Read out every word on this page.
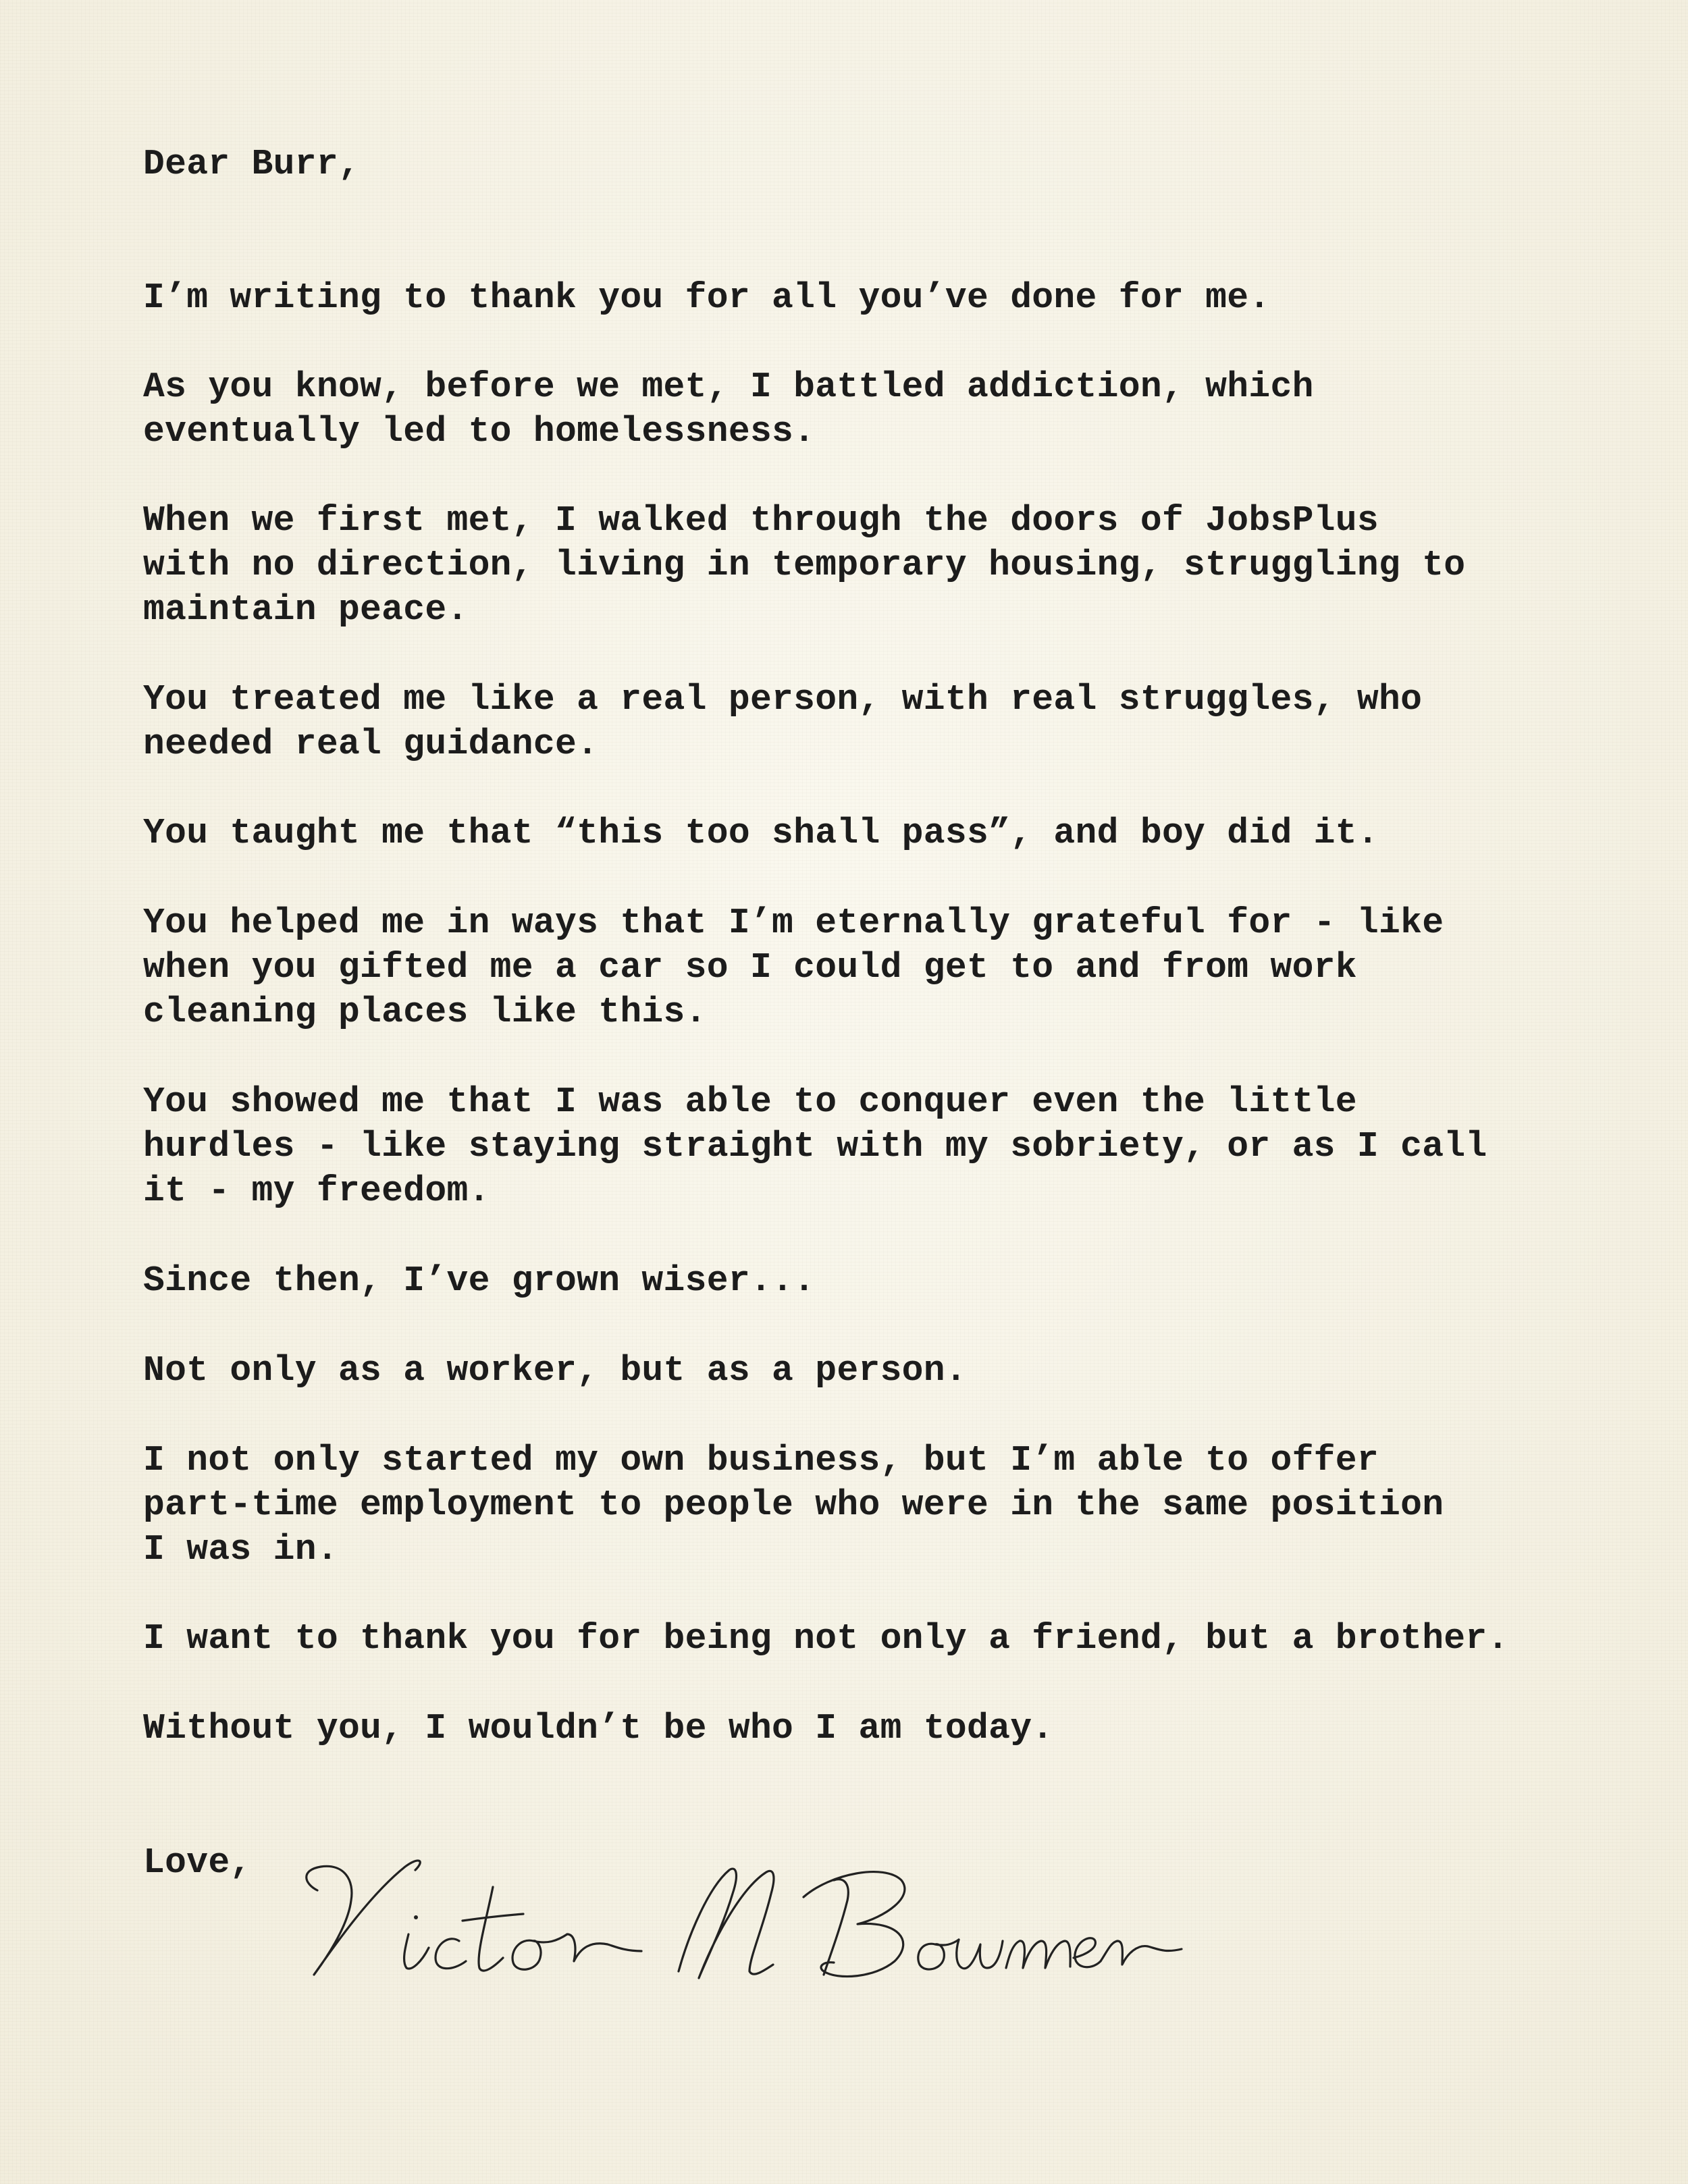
Dear Burr,
I’m writing to thank you for all you’ve done for me.
As you know, before we met, I battled addiction, which
eventually led to homelessness.
When we first met, I walked through the doors of JobsPlus
with no direction, living in temporary housing, struggling to
maintain peace.
You treated me like a real person, with real struggles, who
needed real guidance.
You taught me that “this too shall pass”, and boy did it.
You helped me in ways that I’m eternally grateful for - like
when you gifted me a car so I could get to and from work
cleaning places like this.
You showed me that I was able to conquer even the little
hurdles - like staying straight with my sobriety, or as I call
it - my freedom.
Since then, I’ve grown wiser...
Not only as a worker, but as a person.
I not only started my own business, but I’m able to offer
part-time employment to people who were in the same position
I was in.
I want to thank you for being not only a friend, but a brother.
Without you, I wouldn’t be who I am today.
Love,
